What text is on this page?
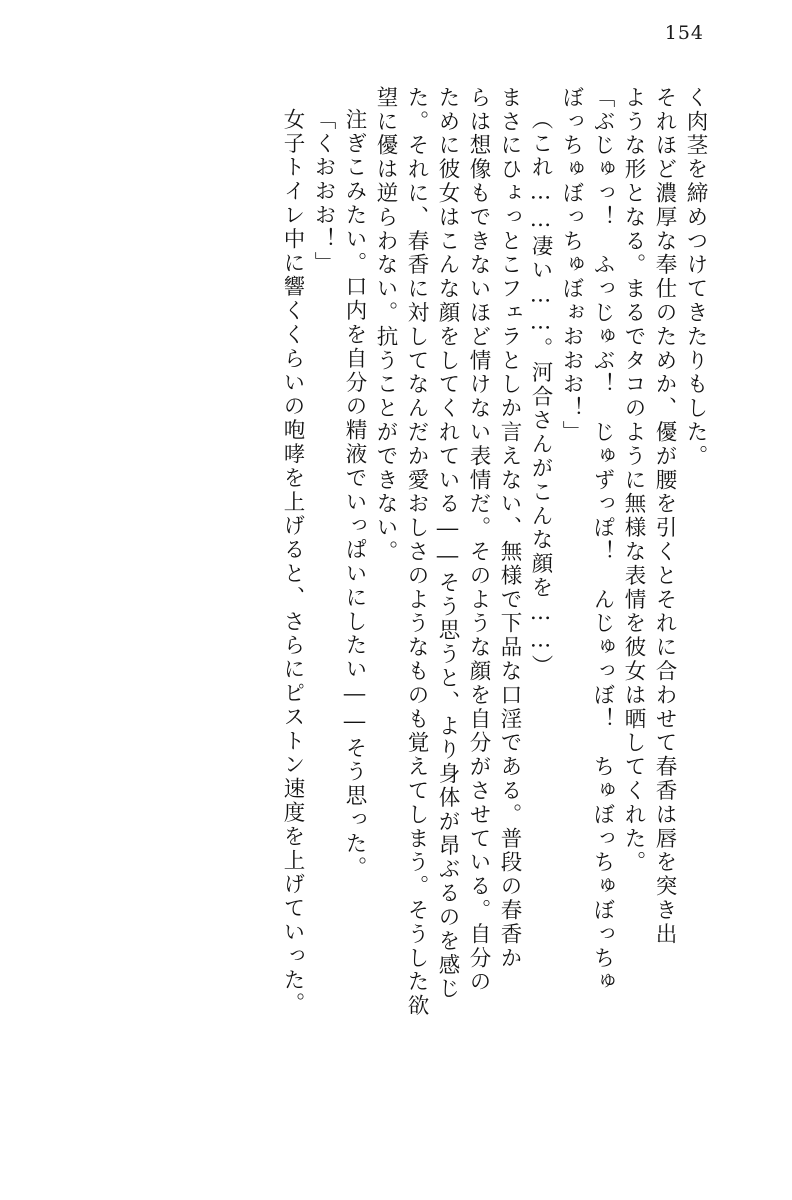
154
く肉茎を締めつけてきたりもした。
それほど濃厚な奉仕のためか、優が腰を引くとそれに合わせて春香は唇を突き出
ような形となる。まるでタコのように無様な表情を彼女は晒してくれた。
「ぶじゅっ！　ふっじゅぶ！　じゅずっぽ！　んじゅっぼ！　ちゅぼっちゅぼっちゅ
ぼっちゅぼっちゅぼぉおおお！」
（これ……凄い……。河合さんがこんな顔を……）
まさにひょっとこフェラとしか言えない、無様で下品な口淫である。普段の春香か
らは想像もできないほど情けない表情だ。そのような顔を自分がさせている。自分の
ために彼女はこんな顔をしてくれている――そう思うと、より身体が昂ぶるのを感じ
た。それに、春香に対してなんだか愛おしさのようなものも覚えてしまう。そうした欲
望に優は逆らわない。抗うことができない。
注ぎこみたい。口内を自分の精液でいっぱいにしたい――そう思った。
「くおおお！」
女子トイレ中に響くくらいの咆哮を上げると、さらにピストン速度を上げていった。
